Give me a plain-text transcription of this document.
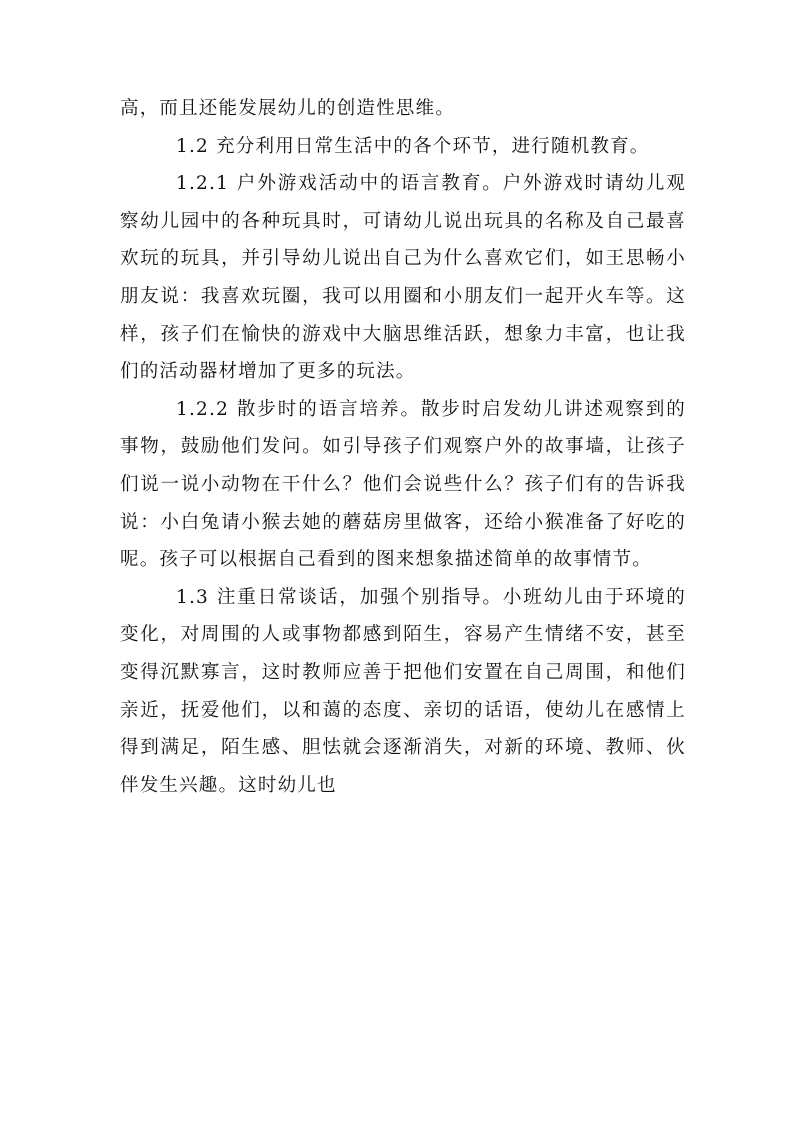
高，而且还能发展幼儿的创造性思维。

1.2 充分利用日常生活中的各个环节，进行随机教育。

1.2.1 户外游戏活动中的语言教育。户外游戏时请幼儿观察幼儿园中的各种玩具时，可请幼儿说出玩具的名称及自己最喜欢玩的玩具，并引导幼儿说出自己为什么喜欢它们，如王思畅小朋友说：我喜欢玩圈，我可以用圈和小朋友们一起开火车等。这样，孩子们在愉快的游戏中大脑思维活跃，想象力丰富，也让我们的活动器材增加了更多的玩法。

1.2.2 散步时的语言培养。散步时启发幼儿讲述观察到的事物，鼓励他们发问。如引导孩子们观察户外的故事墙，让孩子们说一说小动物在干什么？他们会说些什么？孩子们有的告诉我说：小白兔请小猴去她的蘑菇房里做客，还给小猴准备了好吃的呢。孩子可以根据自己看到的图来想象描述简单的故事情节。

1.3 注重日常谈话，加强个别指导。小班幼儿由于环境的变化，对周围的人或事物都感到陌生，容易产生情绪不安，甚至变得沉默寡言，这时教师应善于把他们安置在自己周围，和他们亲近，抚爱他们，以和蔼的态度、亲切的话语，使幼儿在感情上得到满足，陌生感、胆怯就会逐渐消失，对新的环境、教师、伙伴发生兴趣。这时幼儿也
